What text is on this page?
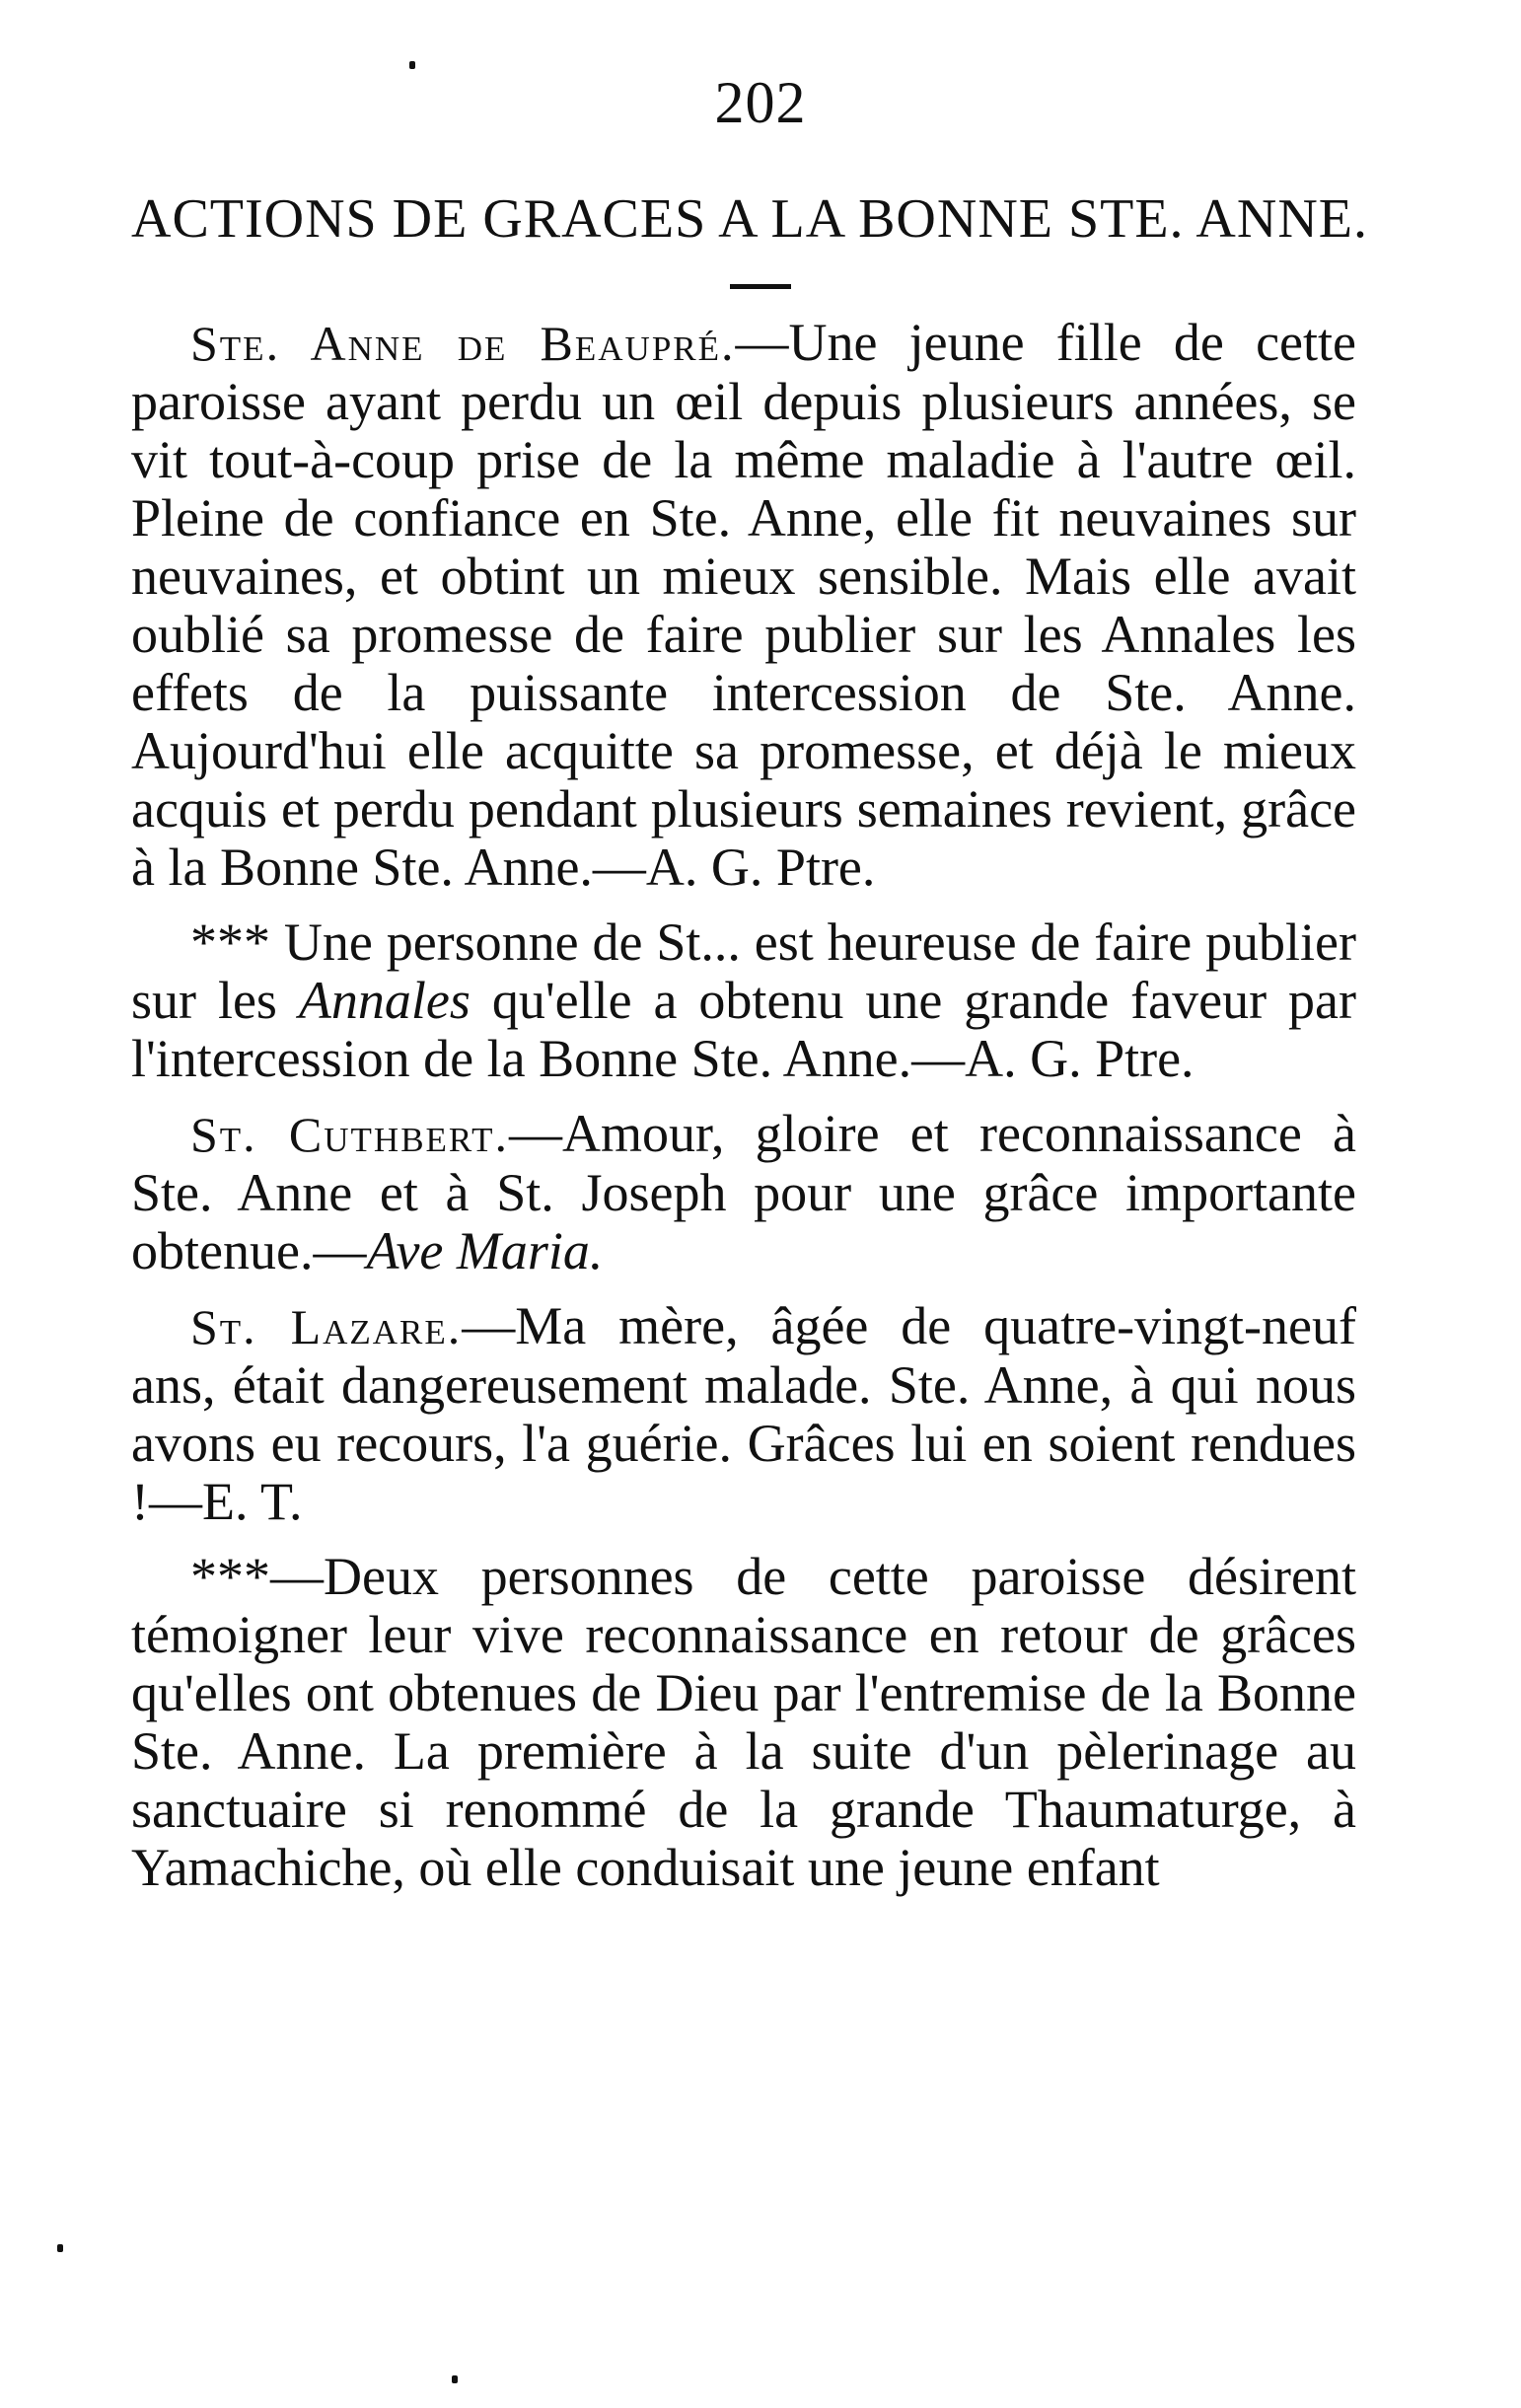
202
ACTIONS DE GRACES A LA BONNE STE. ANNE.

Ste. Anne de Beaupré.—Une jeune fille de cette paroisse ayant perdu un œil depuis plusieurs années, se vit tout-à-coup prise de la même maladie à l'autre œil. Pleine de confiance en Ste. Anne, elle fit neuvaines sur neuvaines, et obtint un mieux sensible. Mais elle avait oublié sa promesse de faire publier sur les Annales les effets de la puissante intercession de Ste. Anne. Aujourd'hui elle acquitte sa promesse, et déjà le mieux acquis et perdu pendant plusieurs semaines revient, grâce à la Bonne Ste. Anne.—A. G. Ptre.

*** Une personne de St... est heureuse de faire publier sur les Annales qu'elle a obtenu une grande faveur par l'intercession de la Bonne Ste. Anne.—A. G. Ptre.

St. Cuthbert.—Amour, gloire et reconnaissance à Ste. Anne et à St. Joseph pour une grâce importante obtenue.—Ave Maria.

St. Lazare.—Ma mère, âgée de quatre-vingt-neuf ans, était dangereusement malade. Ste. Anne, à qui nous avons eu recours, l'a guérie. Grâces lui en soient rendues !—E. T.

***—Deux personnes de cette paroisse désirent témoigner leur vive reconnaissance en retour de grâces qu'elles ont obtenues de Dieu par l'entremise de la Bonne Ste. Anne. La première à la suite d'un pèlerinage au sanctuaire si renommé de la grande Thaumaturge, à Yamachiche, où elle conduisait une jeune enfant
